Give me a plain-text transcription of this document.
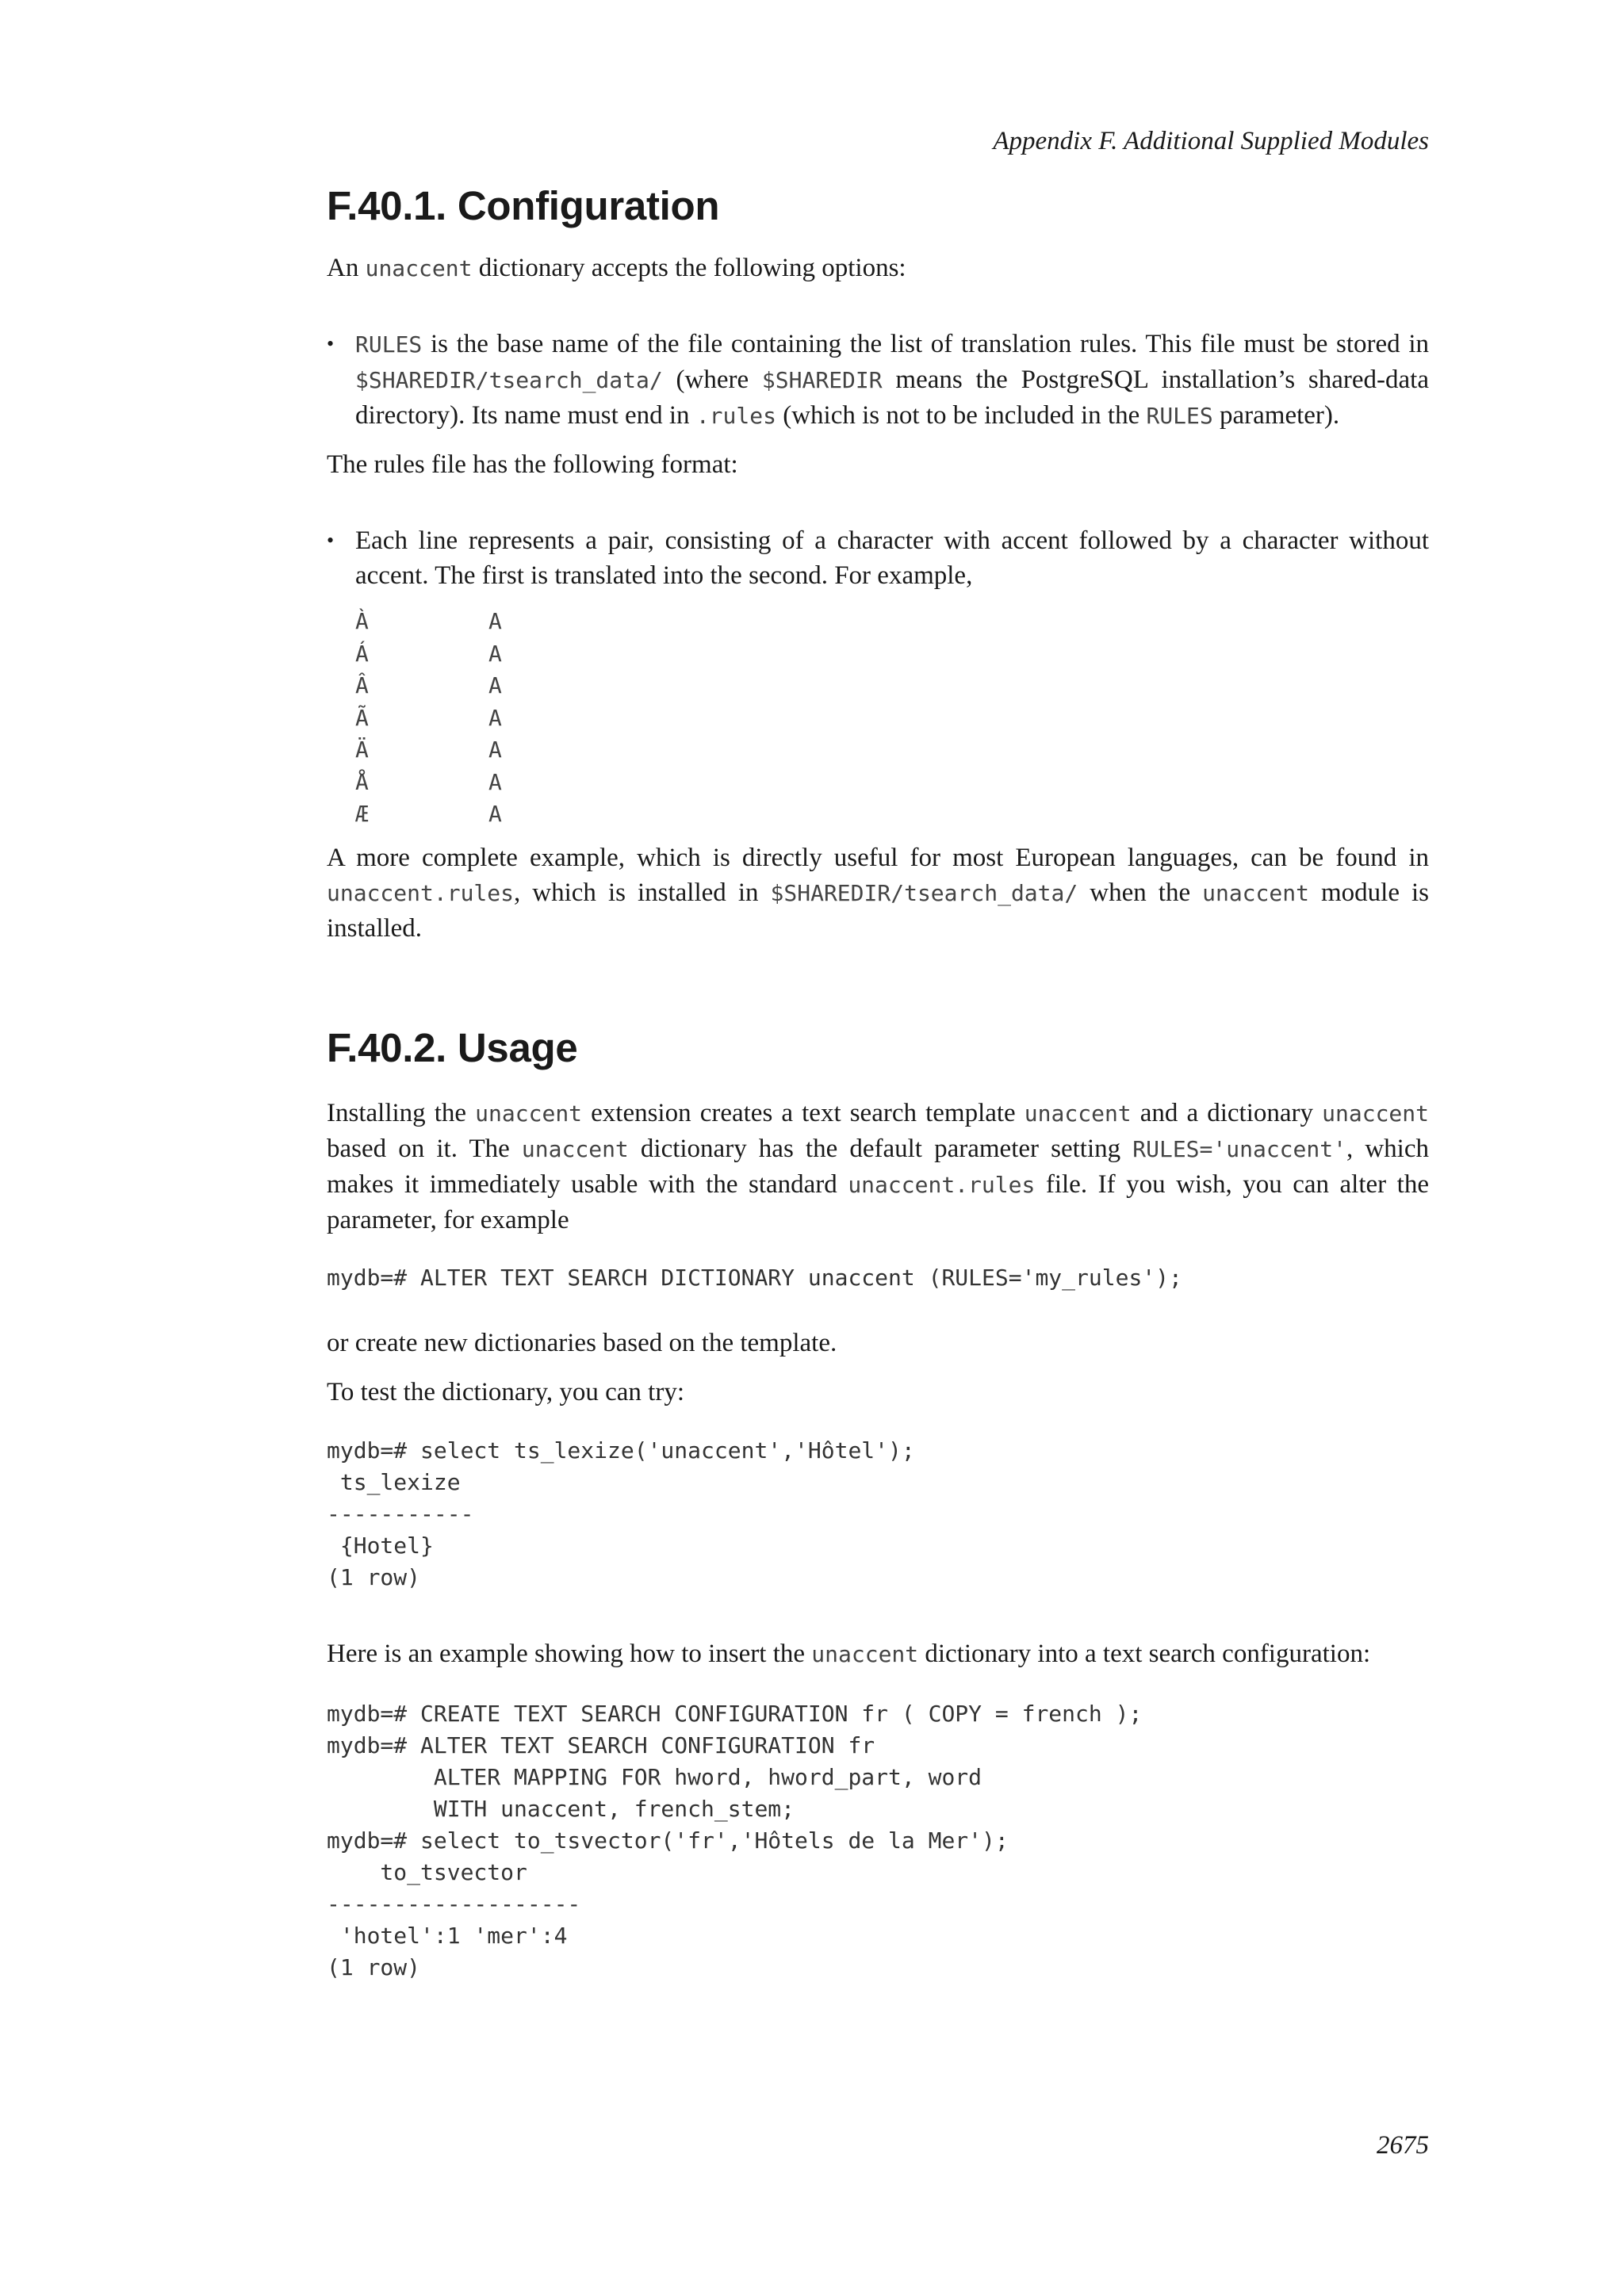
Appendix F. Additional Supplied Modules
F.40.1. Configuration

An unaccent dictionary accepts the following options:

• RULES is the base name of the file containing the list of translation rules. This file must be stored in $SHAREDIR/tsearch_data/ (where $SHAREDIR means the PostgreSQL installation’s shared-data directory). Its name must end in .rules (which is not to be included in the RULES parameter).

The rules file has the following format:

• Each line represents a pair, consisting of a character with accent followed by a character without accent. The first is translated into the second. For example,
À	A
Á	A
Â	A
Ã	A
Ä	A
Å	A
Æ	A

A more complete example, which is directly useful for most European languages, can be found in unaccent.rules, which is installed in $SHAREDIR/tsearch_data/ when the unaccent module is installed.

F.40.2. Usage

Installing the unaccent extension creates a text search template unaccent and a dictionary unaccent based on it. The unaccent dictionary has the default parameter setting RULES='unaccent', which makes it immediately usable with the standard unaccent.rules file. If you wish, you can alter the parameter, for example

mydb=# ALTER TEXT SEARCH DICTIONARY unaccent (RULES='my_rules');

or create new dictionaries based on the template.

To test the dictionary, you can try:

mydb=# select ts_lexize('unaccent','Hôtel');
ts_lexize
-----------
{Hotel}
(1 row)

Here is an example showing how to insert the unaccent dictionary into a text search configuration:

mydb=# CREATE TEXT SEARCH CONFIGURATION fr ( COPY = french );
mydb=# ALTER TEXT SEARCH CONFIGURATION fr
ALTER MAPPING FOR hword, hword_part, word
WITH unaccent, french_stem;
mydb=# select to_tsvector('fr','Hôtels de la Mer');
to_tsvector
-------------------
'hotel':1 'mer':4
(1 row)
2675
